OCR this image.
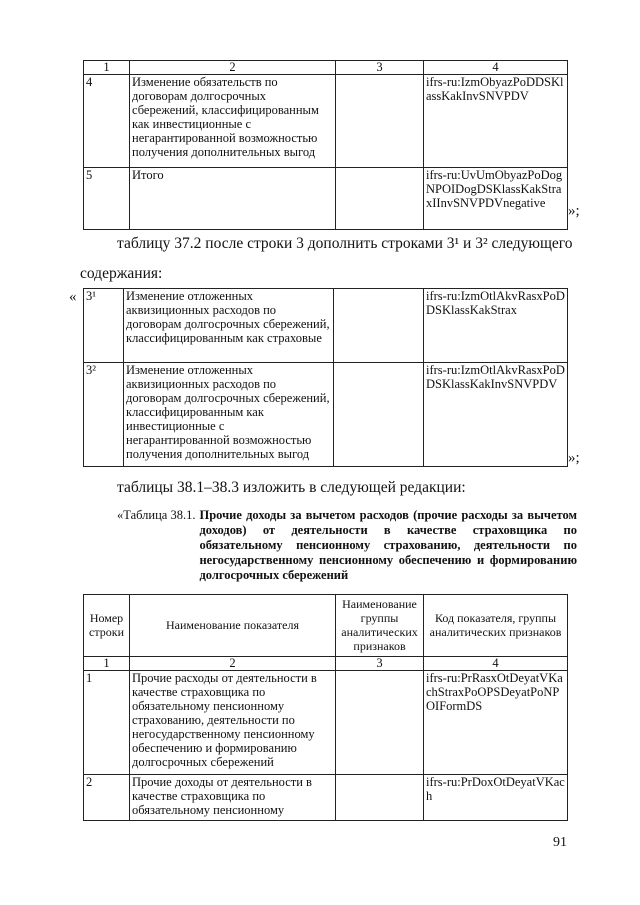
1	2	3	4
4	Изменение обязательств по договорам долгосрочных сбережений, классифицированным как инвестиционные с негарантированной возможностью получения дополнительных выгод		ifrs-ru:IzmObyazPoDDSKlassKakInvSNVPDV
5	Итого		ifrs-ru:UvUmObyazPoDogNPOIDogDSKlassKakStraxIInvSNVPDVnegative »;
таблицу 37.2 после строки 3 дополнить строками 3¹ и 3² следующего
содержания:
« 3¹	Изменение отложенных аквизиционных расходов по договорам долгосрочных сбережений, классифицированным как страховые		ifrs-ru:IzmOtlAkvRasxPoDDSKlassKakStrax
3²	Изменение отложенных аквизиционных расходов по договорам долгосрочных сбережений, классифицированным как инвестиционные с негарантированной возможностью получения дополнительных выгод		ifrs-ru:IzmOtlAkvRasxPoDDSKlassKakInvSNVPDV
»;
таблицы 38.1–38.3 изложить в следующей редакции:
«Таблица 38.1. Прочие доходы за вычетом расходов (прочие расходы за вычетом доходов) от деятельности в качестве страховщика по обязательному пенсионному страхованию, деятельности по негосударственному пенсионному обеспечению и формированию долгосрочных сбережений
Номер строки	Наименование показателя	Наименование группы аналитических признаков	Код показателя, группы аналитических признаков
1	2	3	4
1	Прочие расходы от деятельности в качестве страховщика по обязательному пенсионному страхованию, деятельности по негосударственному пенсионному обеспечению и формированию долгосрочных сбережений		ifrs-ru:PrRasxOtDeyatVKachStraxPoOPSDeyatPoNPOIFormDS
2	Прочие доходы от деятельности в качестве страховщика по обязательному пенсионному		ifrs-ru:PrDoxOtDeyatVKach
91
